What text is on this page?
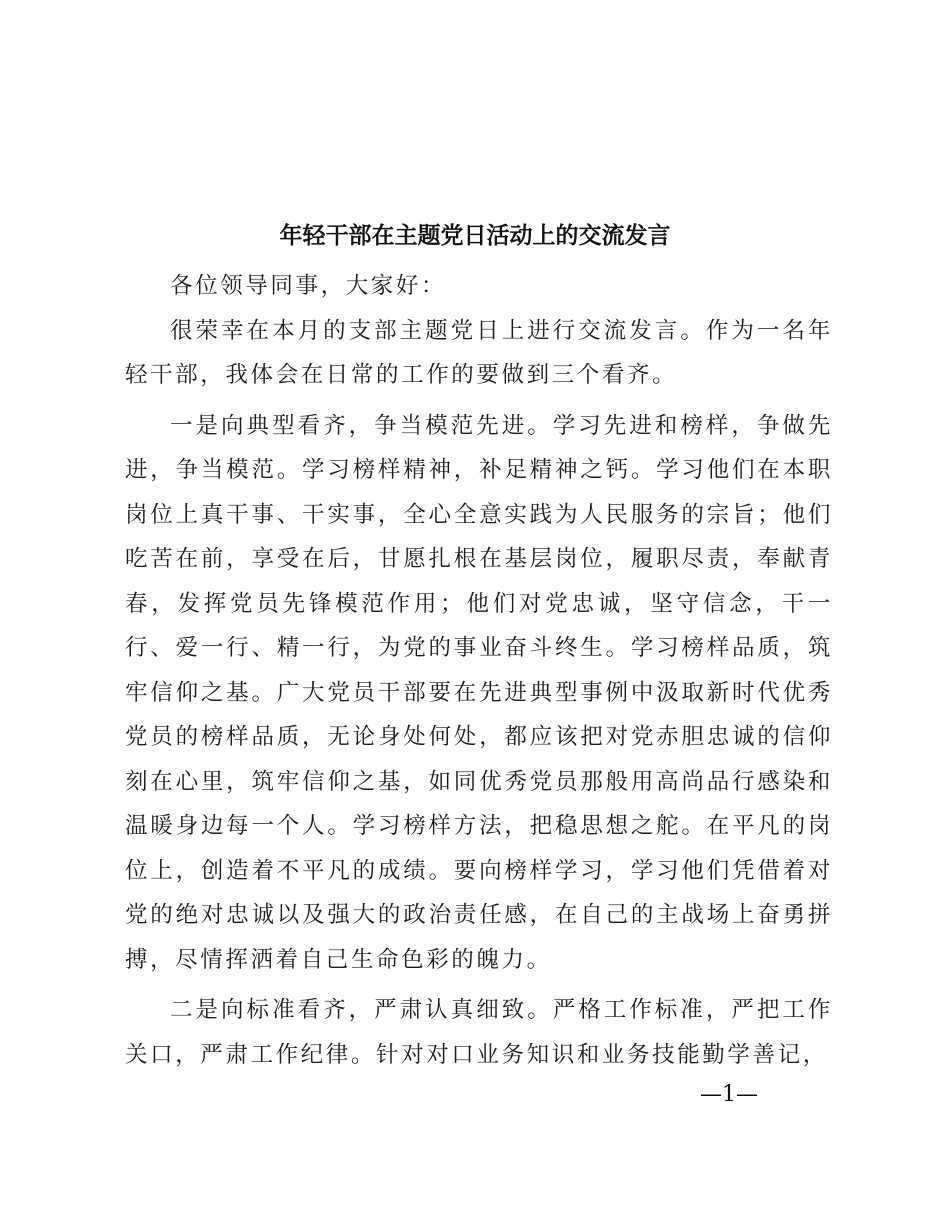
年轻干部在主题党日活动上的交流发言

各位领导同事，大家好：

很荣幸在本月的支部主题党日上进行交流发言。作为一名年轻干部，我体会在日常的工作的要做到三个看齐。

一是向典型看齐，争当模范先进。学习先进和榜样，争做先进，争当模范。学习榜样精神，补足精神之钙。学习他们在本职岗位上真干事、干实事，全心全意实践为人民服务的宗旨；他们吃苦在前，享受在后，甘愿扎根在基层岗位，履职尽责，奉献青春，发挥党员先锋模范作用；他们对党忠诚，坚守信念，干一行、爱一行、精一行，为党的事业奋斗终生。学习榜样品质，筑牢信仰之基。广大党员干部要在先进典型事例中汲取新时代优秀党员的榜样品质，无论身处何处，都应该把对党赤胆忠诚的信仰刻在心里，筑牢信仰之基，如同优秀党员那般用高尚品行感染和温暖身边每一个人。学习榜样方法，把稳思想之舵。在平凡的岗位上，创造着不平凡的成绩。要向榜样学习，学习他们凭借着对党的绝对忠诚以及强大的政治责任感，在自己的主战场上奋勇拼搏，尽情挥洒着自己生命色彩的魄力。

二是向标准看齐，严肃认真细致。严格工作标准，严把工作关口，严肃工作纪律。针对对口业务知识和业务技能勤学善记，

—1—
